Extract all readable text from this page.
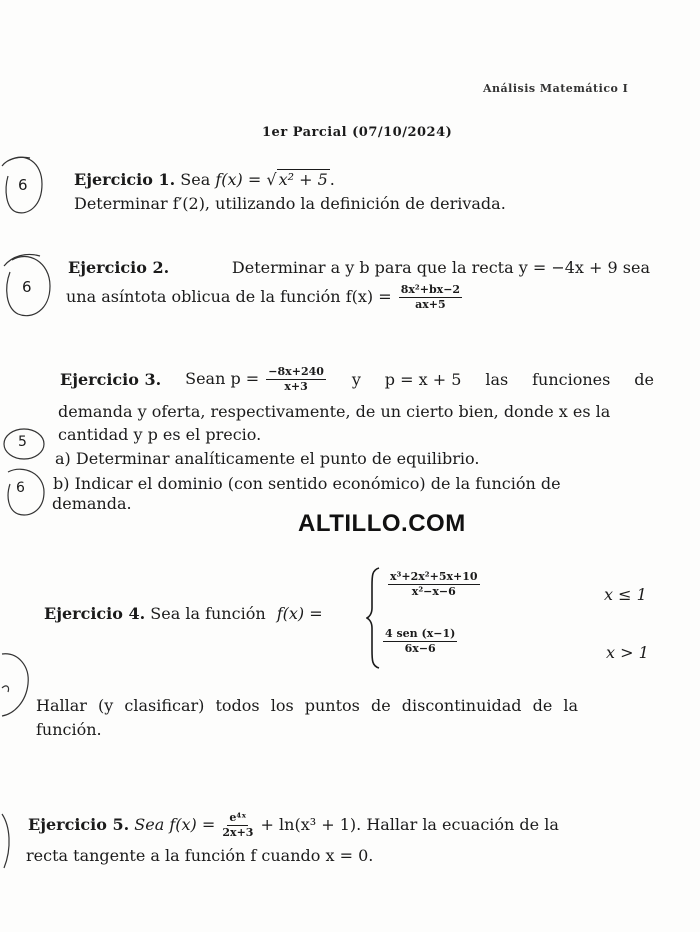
Análisis Matemático I
1er Parcial (07/10/2024)
Ejercicio 1. Sea f(x) = √ x² + 5 .
Determinar f′(2), utilizando la definición de derivada.
Ejercicio 2.	Determinar a y b para que la recta y = −4x + 9 sea
una asíntota oblicua de la función $f(x) = \frac{\text{8x²+bx−2}}{ax+5}$
Ejercicio 3. Sean $p = \frac{-8x+240}{x+3}$ y p = x + 5 las funciones de
demanda y oferta, respectivamente, de un cierto bien, donde x es la
cantidad y p es el precio.
a) Determinar analíticamente el punto de equilibrio.
b) Indicar el dominio (con sentido económico) de la función de
demanda.
ALTILLO.COM
Ejercicio 4. Sea la función f(x) =
$\frac{\text{x³+2x²+5x+10}}{\text{x²−x−6}}$	x ≤ 1
$\frac{\text{4 sen (x−1)}}{6x-6}$	x > 1
Hallar (y clasificar) todos los puntos de discontinuidad de la
función.
Ejercicio 5. Sea $f(x) = \frac{\text{e⁴ˣ}}{2x+3} + \ln(x^3 + 1)$. Hallar la ecuación de la
recta tangente a la función f cuando x = 0.
6
6
5
6
